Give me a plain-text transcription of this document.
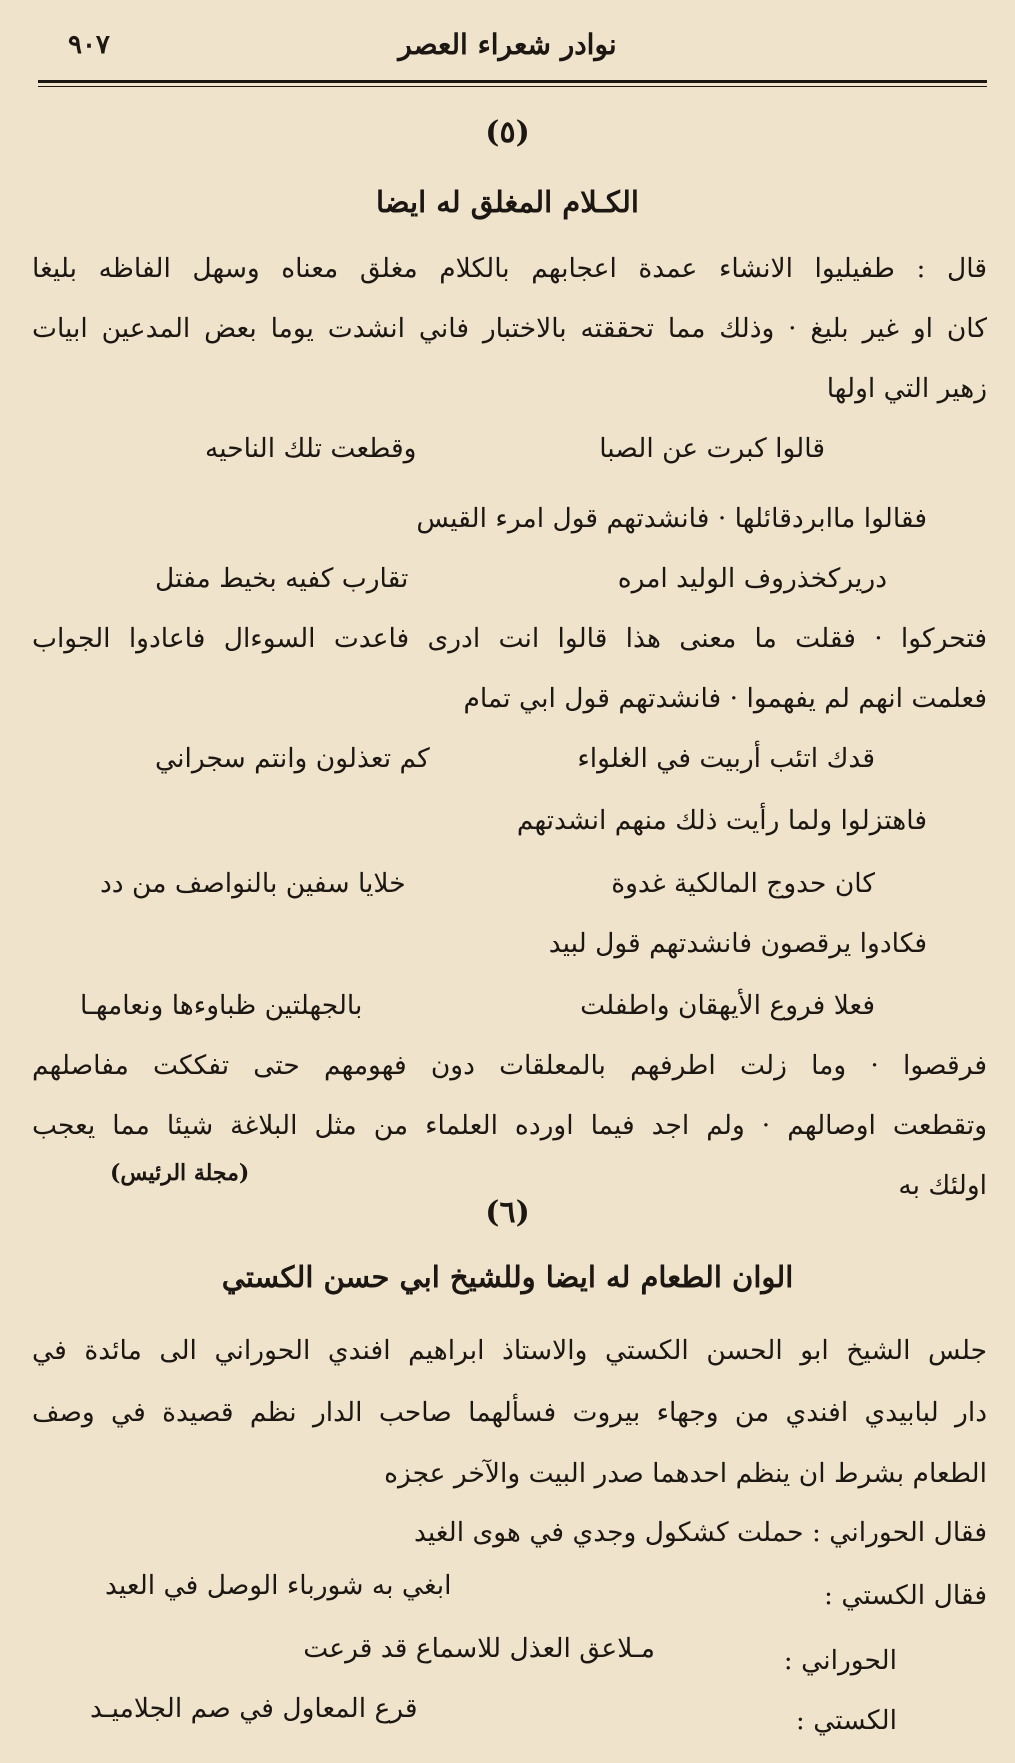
نوادر شعراء العصر
٩٠٧
(٥)
الكـلام المغلق له ايضا
قال : طفيليوا الانشاء عمدة اعجابهم بالكلام مغلق معناه وسهل الفاظه بليغا
كان او غير بليغ · وذلك مما تحققته بالاختبار فاني انشدت يوما بعض المدعين ابيات
زهير التي اولها
قالوا كبرت عن الصبا
وقطعت تلك الناحيه
فقالوا ماابردقائلها · فانشدتهم قول امرء القيس
دريركخذروف الوليد امره
تقارب كفيه بخيط مفتل
فتحركوا · فقلت ما معنى هذا قالوا انت ادرى فاعدت السوءال فاعادوا الجواب
فعلمت انهم لم يفهموا · فانشدتهم قول ابي تمام
قدك اتئب أربيت في الغلواء
كم تعذلون وانتم سجراني
فاهتزلوا ولما رأيت ذلك منهم انشدتهم
كان حدوج المالكية غدوة
خلايا سفين بالنواصف من دد
فكادوا يرقصون فانشدتهم قول لبيد
فعلا فروع الأيهقان واطفلت
بالجهلتين ظباوءها ونعامهـا
فرقصوا · وما زلت اطرفهم بالمعلقات دون فهومهم حتى تفككت مفاصلهم
وتقطعت اوصالهم · ولم اجد فيما اورده العلماء من مثل البلاغة شيئا مما يعجب
اولئك به
(مجلة الرئيس)
(٦)
الوان الطعام له ايضا وللشيخ ابي حسن الكستي
جلس الشيخ ابو الحسن الكستي والاستاذ ابراهيم افندي الحوراني الى مائدة في
دار لبابيدي افندي من وجهاء بيروت فسألهما صاحب الدار نظم قصيدة في وصف
الطعام بشرط ان ينظم احدهما صدر البيت والآخر عجزه
فقال الحوراني : حملت كشكول وجدي في هوى الغيد
فقال الكستي :
ابغي به شورباء الوصل في العيد
الحوراني :
مـلاعق العذل للاسماع قد قرعت
الكستي :
قرع المعاول في صم الجلاميـد
